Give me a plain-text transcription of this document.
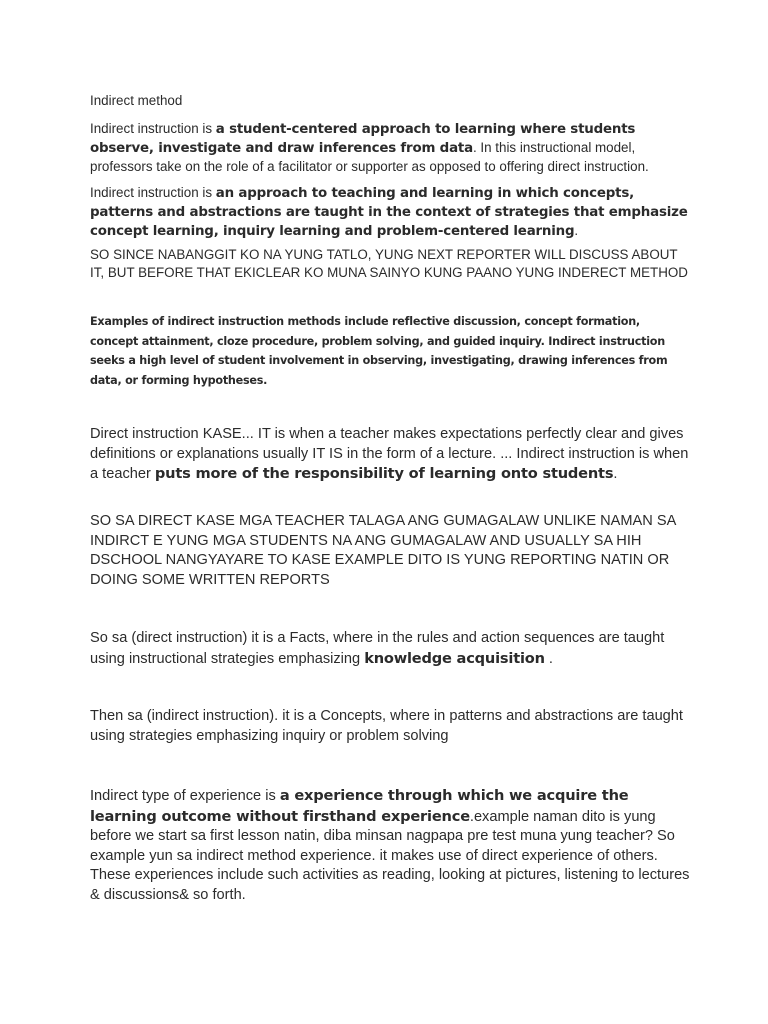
Indirect method

Indirect instruction is a student-centered approach to learning where students observe, investigate and draw inferences from data. In this instructional model, professors take on the role of a facilitator or supporter as opposed to offering direct instruction.

Indirect instruction is an approach to teaching and learning in which concepts, patterns and abstractions are taught in the context of strategies that emphasize concept learning, inquiry learning and problem-centered learning.

SO SINCE NABANGGIT KO NA YUNG TATLO, YUNG NEXT REPORTER WILL DISCUSS ABOUT IT, BUT BEFORE THAT EKICLEAR KO MUNA SAINYO KUNG PAANO YUNG INDERECT METHOD

Examples of indirect instruction methods include reflective discussion, concept formation, concept attainment, cloze procedure, problem solving, and guided inquiry. Indirect instruction seeks a high level of student involvement in observing, investigating, drawing inferences from data, or forming hypotheses.

Direct instruction KASE... IT is when a teacher makes expectations perfectly clear and gives definitions or explanations usually IT IS in the form of a lecture. ... Indirect instruction is when a teacher puts more of the responsibility of learning onto students.

SO SA DIRECT KASE MGA TEACHER TALAGA ANG GUMAGALAW UNLIKE NAMAN SA INDIRCT E YUNG MGA STUDENTS NA ANG GUMAGALAW AND USUALLY SA HIH DSCHOOL NANGYAYARE TO KASE EXAMPLE DITO IS YUNG REPORTING NATIN OR DOING SOME WRITTEN REPORTS

So sa (direct instruction) it is a Facts, where in the rules and action sequences are taught using instructional strategies emphasizing knowledge acquisition .

Then sa (indirect instruction). it is a Concepts, where in patterns and abstractions are taught using strategies emphasizing inquiry or problem solving

Indirect type of experience is a experience through which we acquire the learning outcome without firsthand experience.example naman dito is yung before we start sa first lesson natin, diba minsan nagpapa pre test muna yung teacher? So example yun sa indirect method experience. it makes use of direct experience of others. These experiences include such activities as reading, looking at pictures, listening to lectures & discussions& so forth.
